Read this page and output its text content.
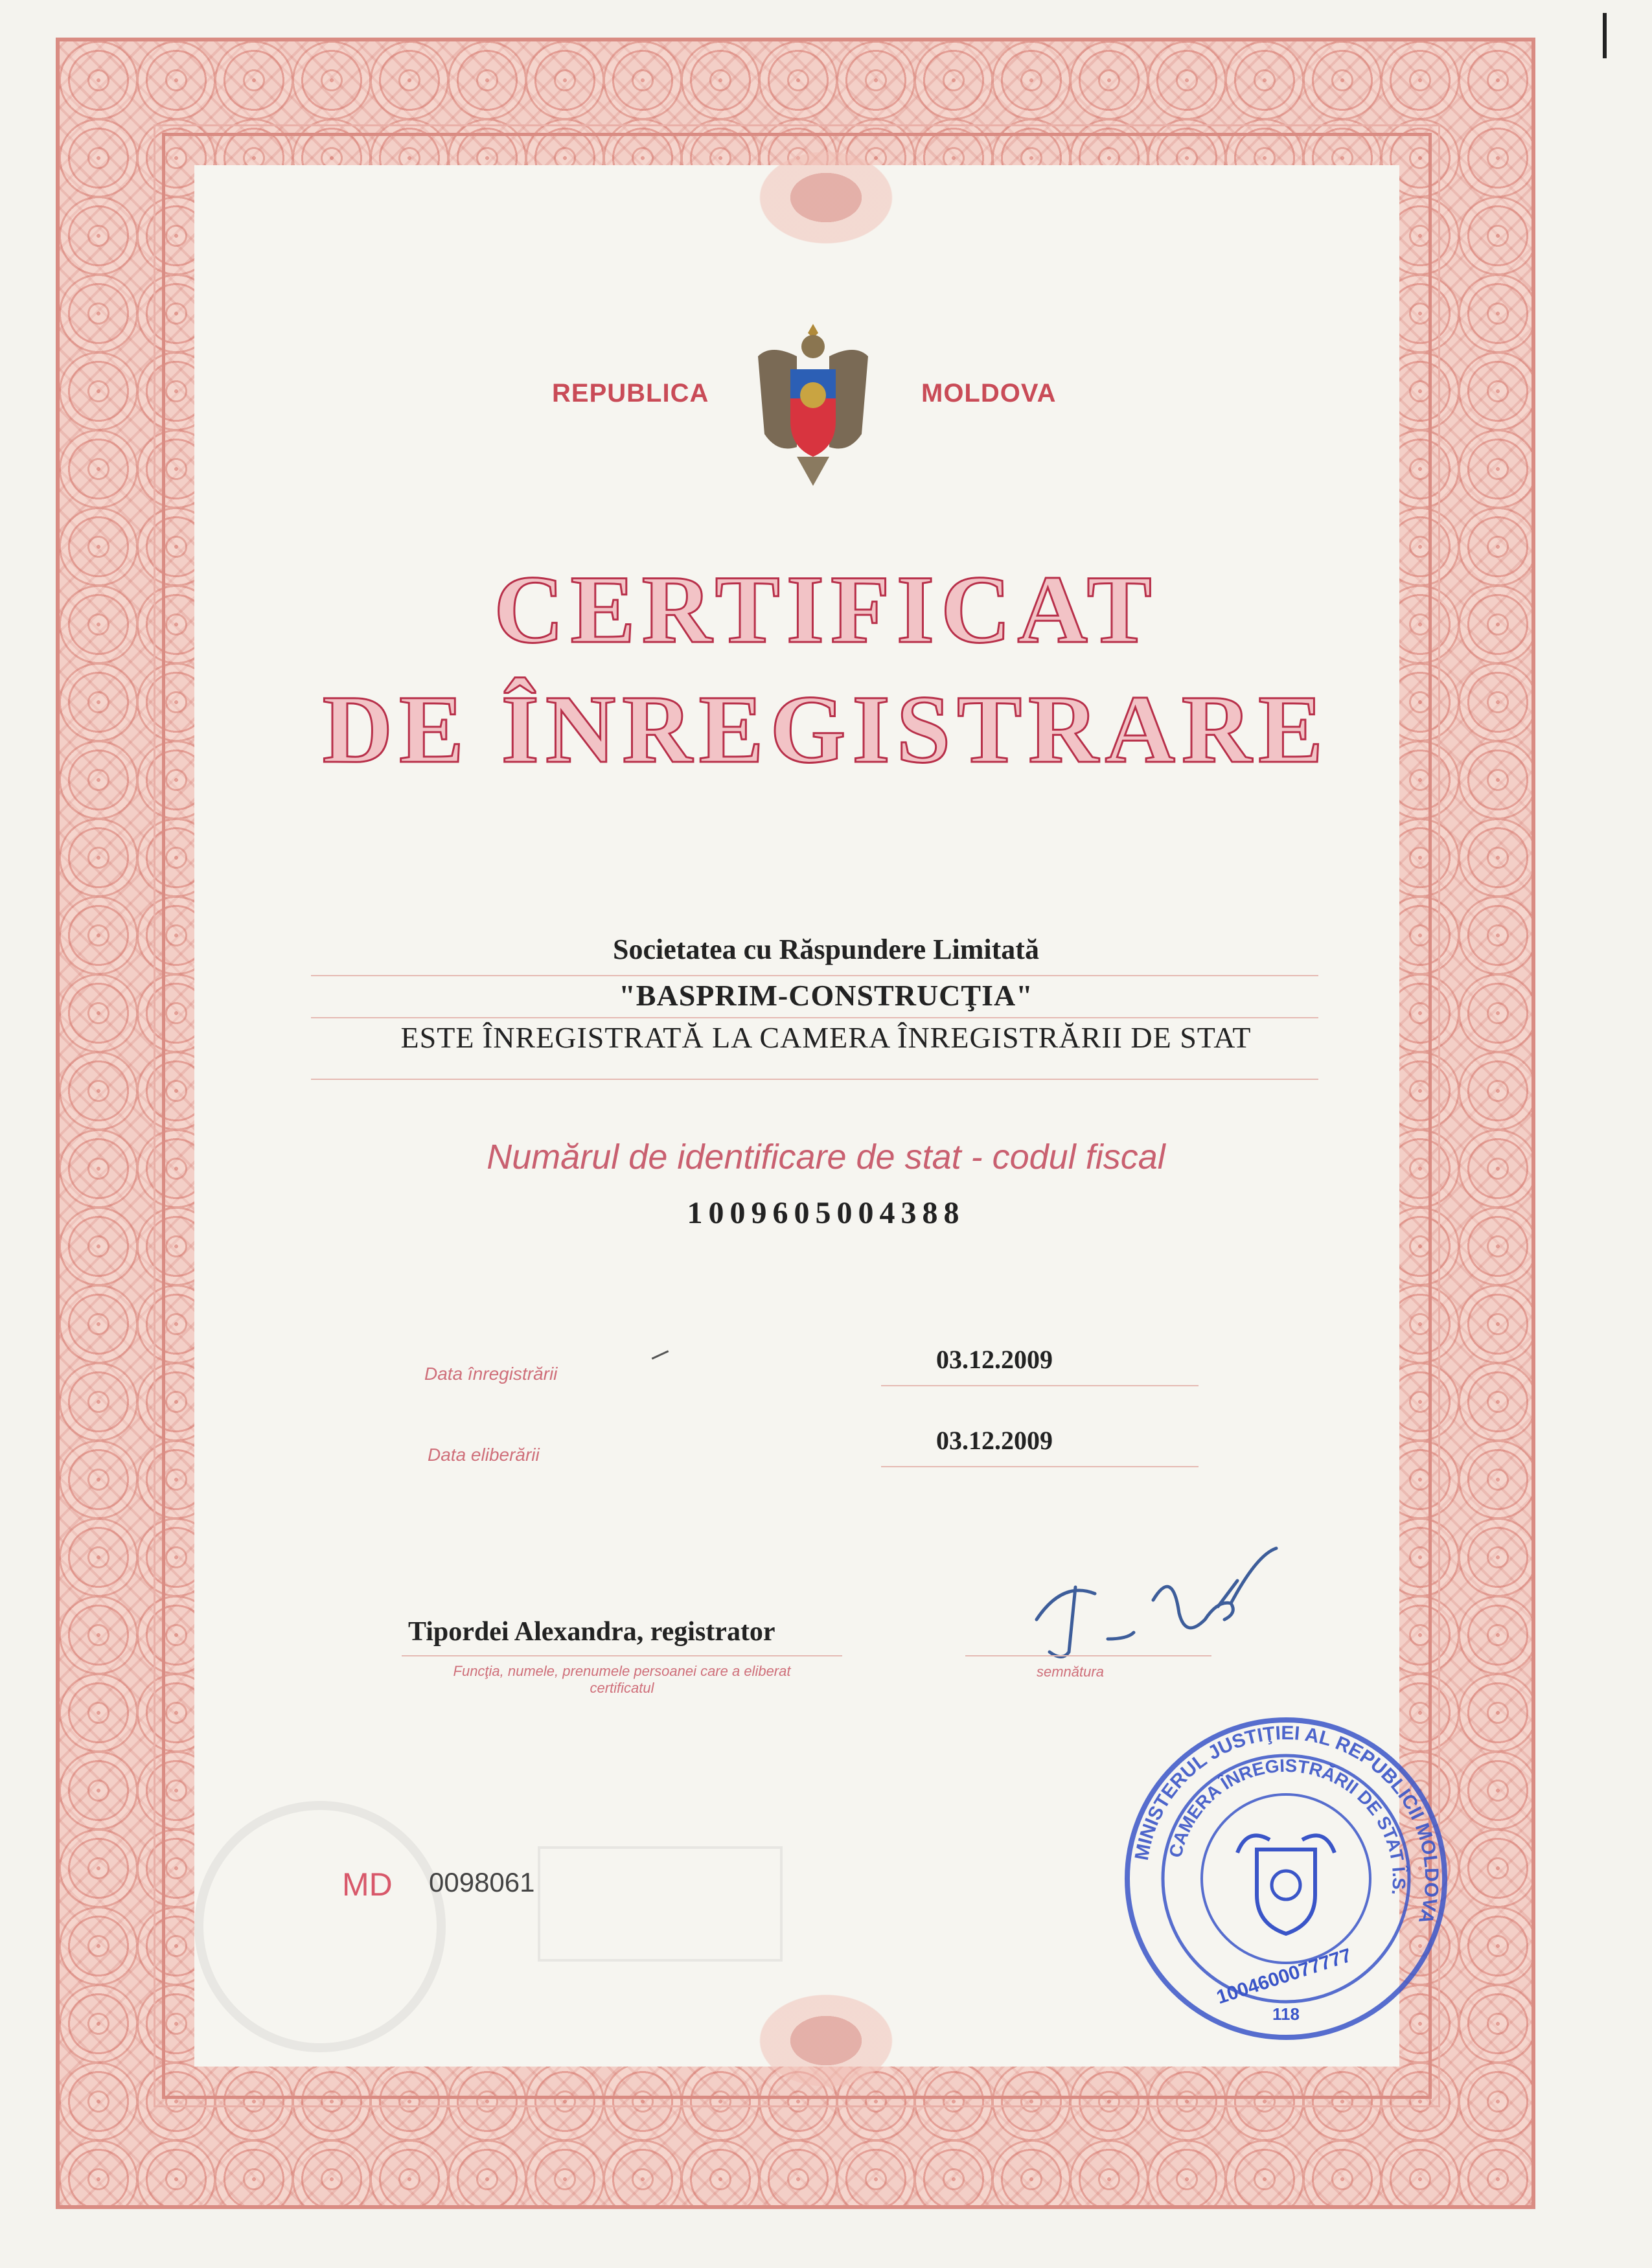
REPUBLICA	MOLDOVA
CERTIFICAT
DE ÎNREGISTRARE
Societatea cu Răspundere Limitată
"BASPRIM-CONSTRUCŢIA"
ESTE ÎNREGISTRATĂ LA CAMERA ÎNREGISTRĂRII DE STAT
Numărul de identificare de stat - codul fiscal
1009605004388
Data înregistrării	03.12.2009
Data eliberării	03.12.2009
Tipordei Alexandra, registrator
Funcţia, numele, prenumele persoanei care a eliberat certificatul
semnătura
MD 0098061
MINISTERUL JUSTIŢIEI AL REPUBLICII MOLDOVA
CAMERA ÎNREGISTRĂRII DE STAT Î.S.
1004600077777
118
